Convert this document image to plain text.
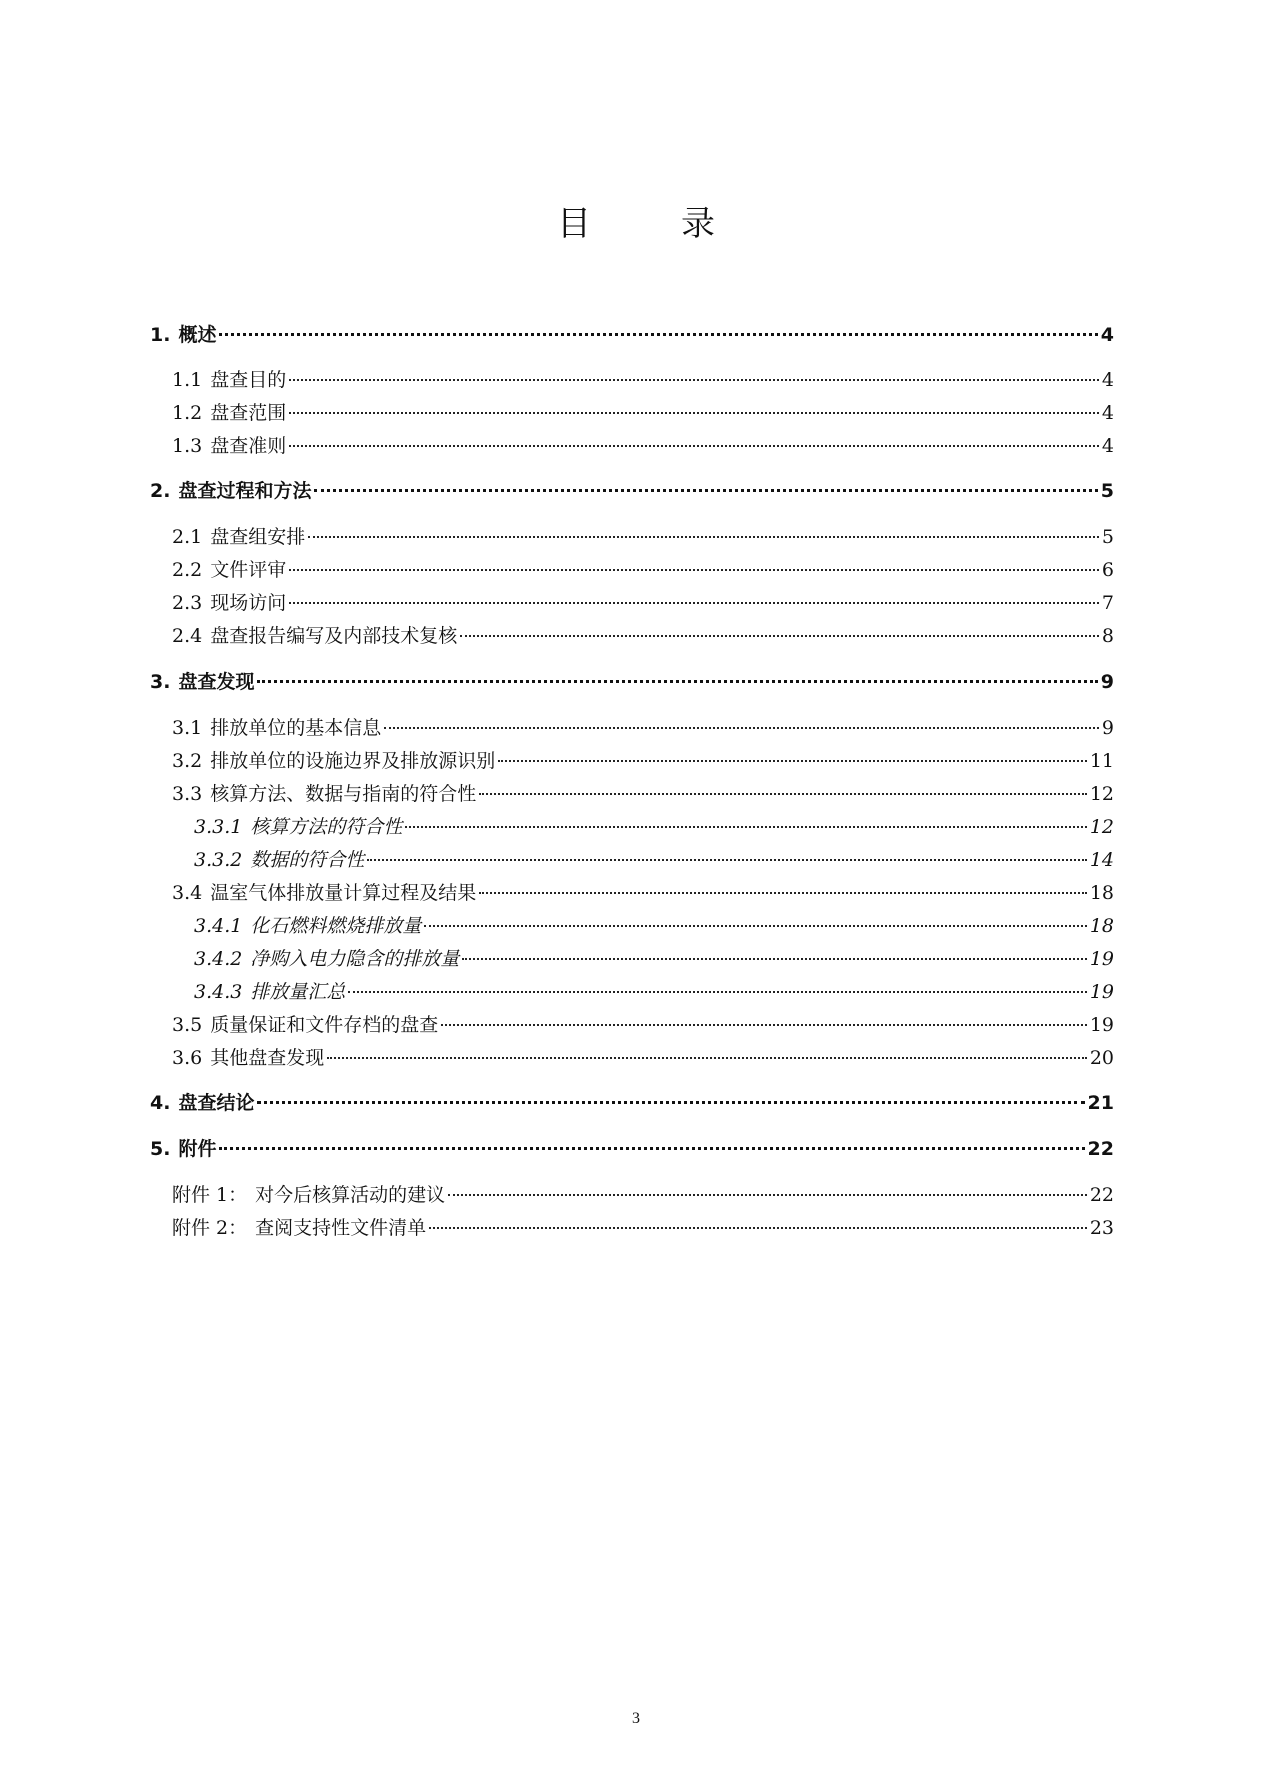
目　录
1. 概述	4
1.1 盘查目的	4
1.2 盘查范围	4
1.3 盘查准则	4
2. 盘查过程和方法	5
2.1 盘查组安排	5
2.2 文件评审	6
2.3 现场访问	7
2.4 盘查报告编写及内部技术复核	8
3. 盘查发现	9
3.1 排放单位的基本信息	9
3.2 排放单位的设施边界及排放源识别	11
3.3 核算方法、数据与指南的符合性	12
3.3.1 核算方法的符合性	12
3.3.2 数据的符合性	14
3.4 温室气体排放量计算过程及结果	18
3.4.1 化石燃料燃烧排放量	18
3.4.2 净购入电力隐含的排放量	19
3.4.3 排放量汇总	19
3.5 质量保证和文件存档的盘查	19
3.6 其他盘查发现	20
4. 盘查结论	21
5. 附件	22
附件 1： 对今后核算活动的建议	22
附件 2： 查阅支持性文件清单	23
3
